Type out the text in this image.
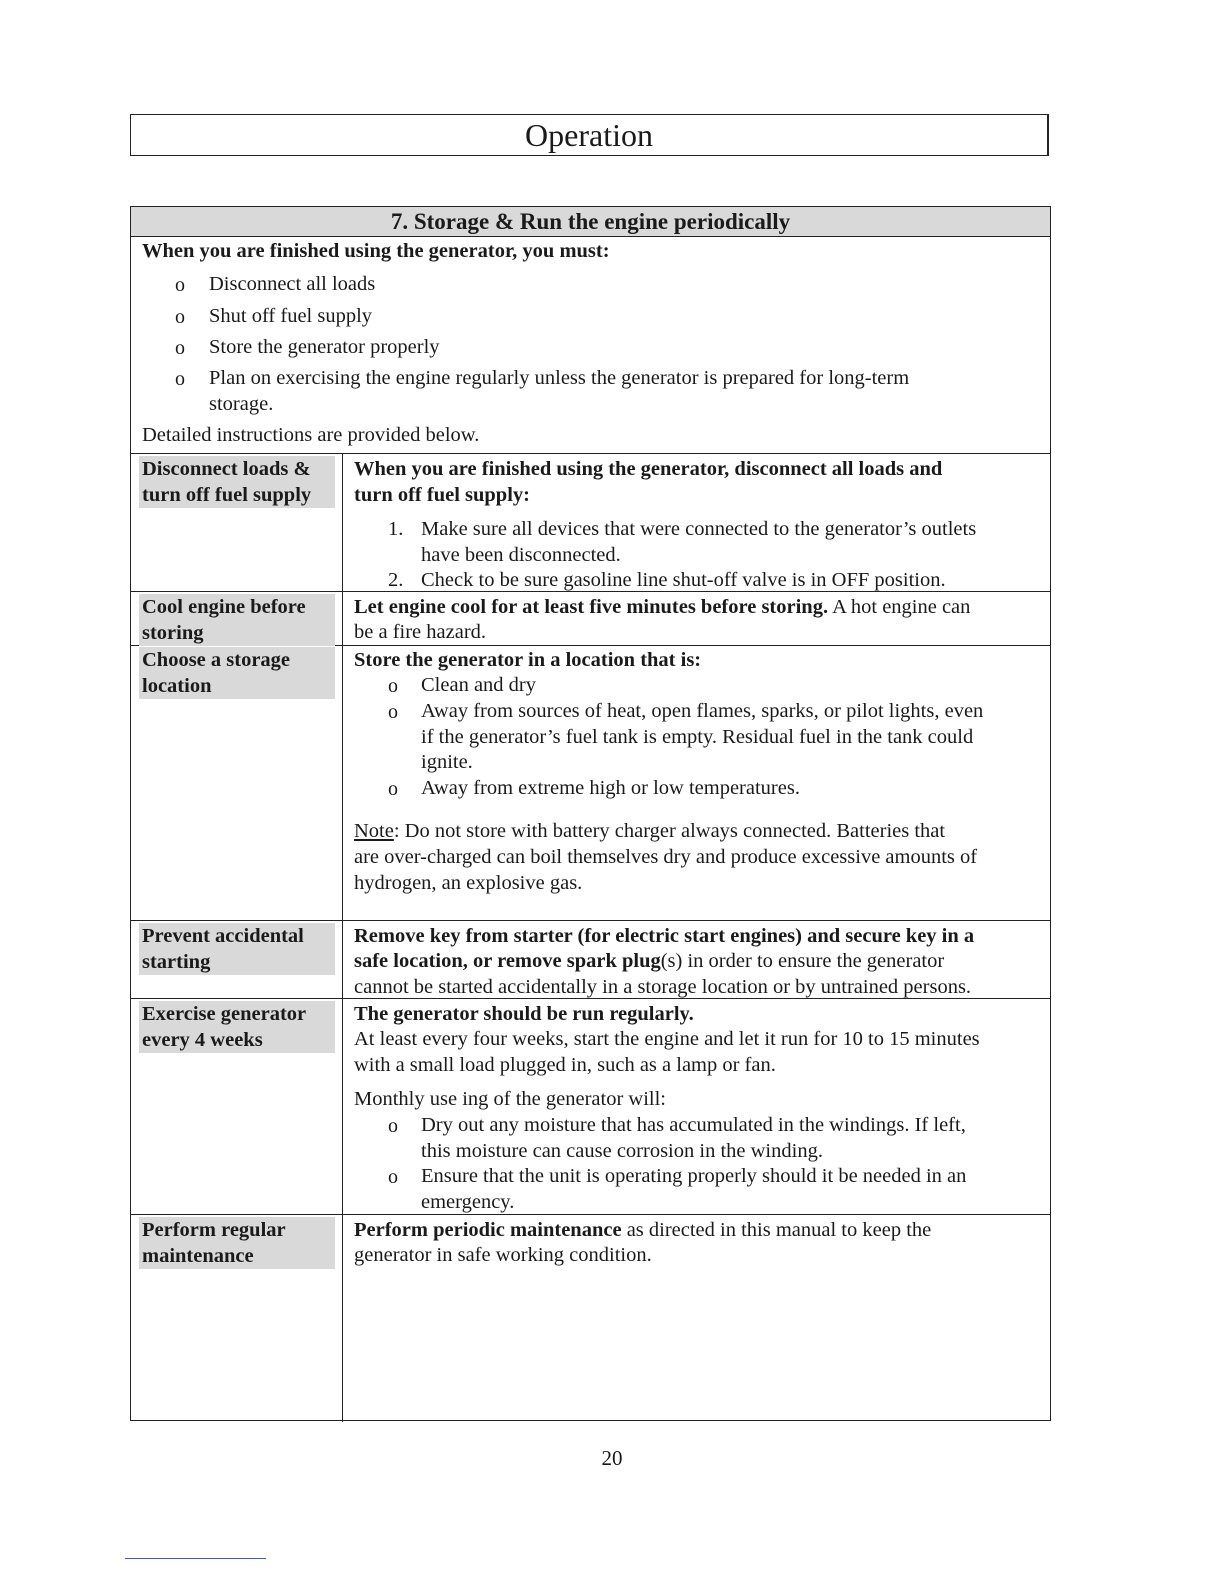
Operation
7. Storage & Run the engine periodically
When you are finished using the generator, you must:
o Disconnect all loads
o Shut off fuel supply
o Store the generator properly
o Plan on exercising the engine regularly unless the generator is prepared for long-term
storage.
Detailed instructions are provided below.
Disconnect loads &
turn off fuel supply
When you are finished using the generator, disconnect all loads and
turn off fuel supply:
1. Make sure all devices that were connected to the generator’s outlets
have been disconnected.
2. Check to be sure gasoline line shut-off valve is in OFF position.
Cool engine before
storing
Let engine cool for at least five minutes before storing. A hot engine can
be a fire hazard.
Choose a storage
location
Store the generator in a location that is:
o Clean and dry
o Away from sources of heat, open flames, sparks, or pilot lights, even
if the generator’s fuel tank is empty. Residual fuel in the tank could
ignite.
o Away from extreme high or low temperatures.
Note: Do not store with battery charger always connected. Batteries that
are over-charged can boil themselves dry and produce excessive amounts of
hydrogen, an explosive gas.
Prevent accidental
starting
Remove key from starter (for electric start engines) and secure key in a
safe location, or remove spark plug(s) in order to ensure the generator
cannot be started accidentally in a storage location or by untrained persons.
Exercise generator
every 4 weeks
The generator should be run regularly.
At least every four weeks, start the engine and let it run for 10 to 15 minutes
with a small load plugged in, such as a lamp or fan.
Monthly use ing of the generator will:
o Dry out any moisture that has accumulated in the windings. If left,
this moisture can cause corrosion in the winding.
o Ensure that the unit is operating properly should it be needed in an
emergency.
Perform regular
maintenance
Perform periodic maintenance as directed in this manual to keep the
generator in safe working condition.
20
